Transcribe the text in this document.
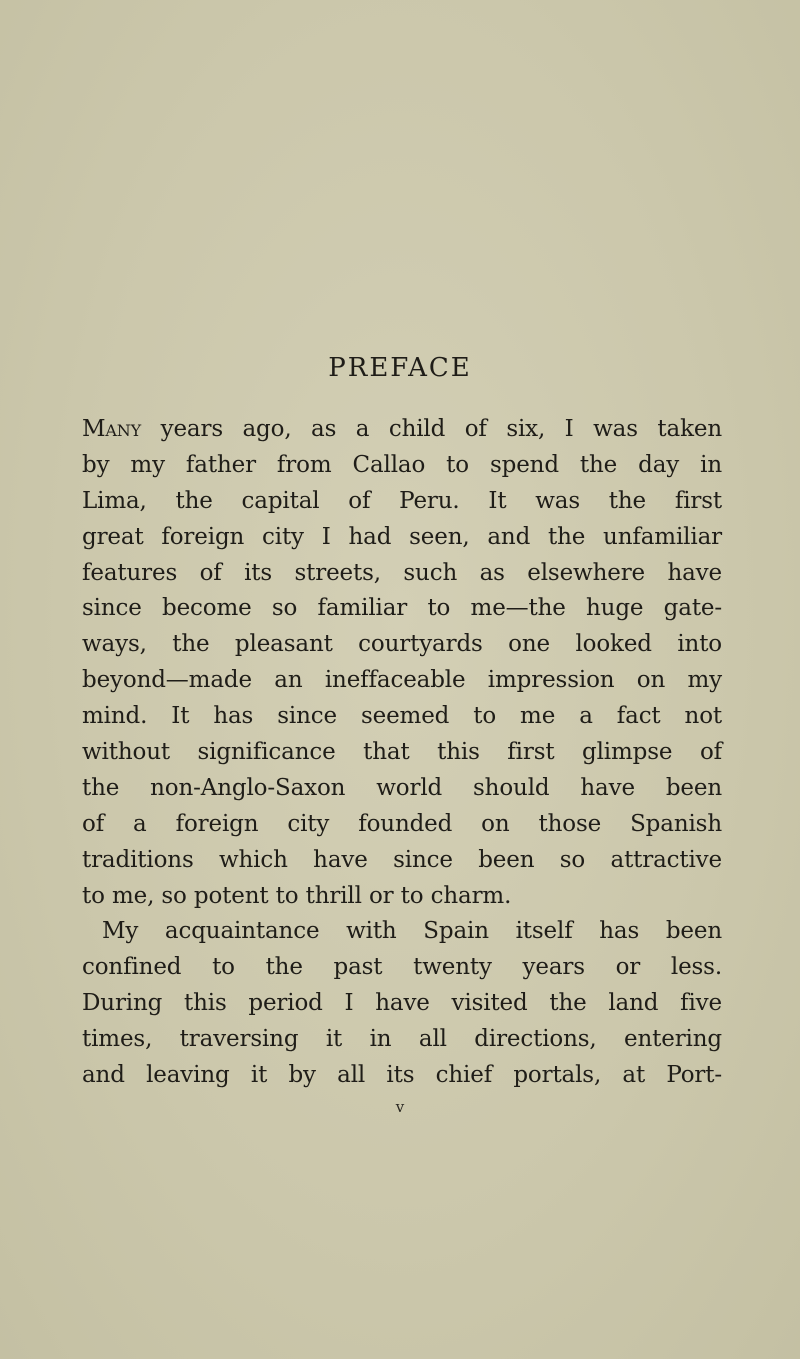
PREFACE
Many years ago, as a child of six, I was taken
by my father from Callao to spend the day in
Lima, the capital of Peru. It was the first
great foreign city I had seen, and the unfamiliar
features of its streets, such as elsewhere have
since become so familiar to me—the huge gate-
ways, the pleasant courtyards one looked into
beyond—made an ineffaceable impression on my
mind. It has since seemed to me a fact not
without significance that this first glimpse of
the non-Anglo-Saxon world should have been
of a foreign city founded on those Spanish
traditions which have since been so attractive
to me, so potent to thrill or to charm.
My acquaintance with Spain itself has been
confined to the past twenty years or less.
During this period I have visited the land five
times, traversing it in all directions, entering
and leaving it by all its chief portals, at Port-
v
